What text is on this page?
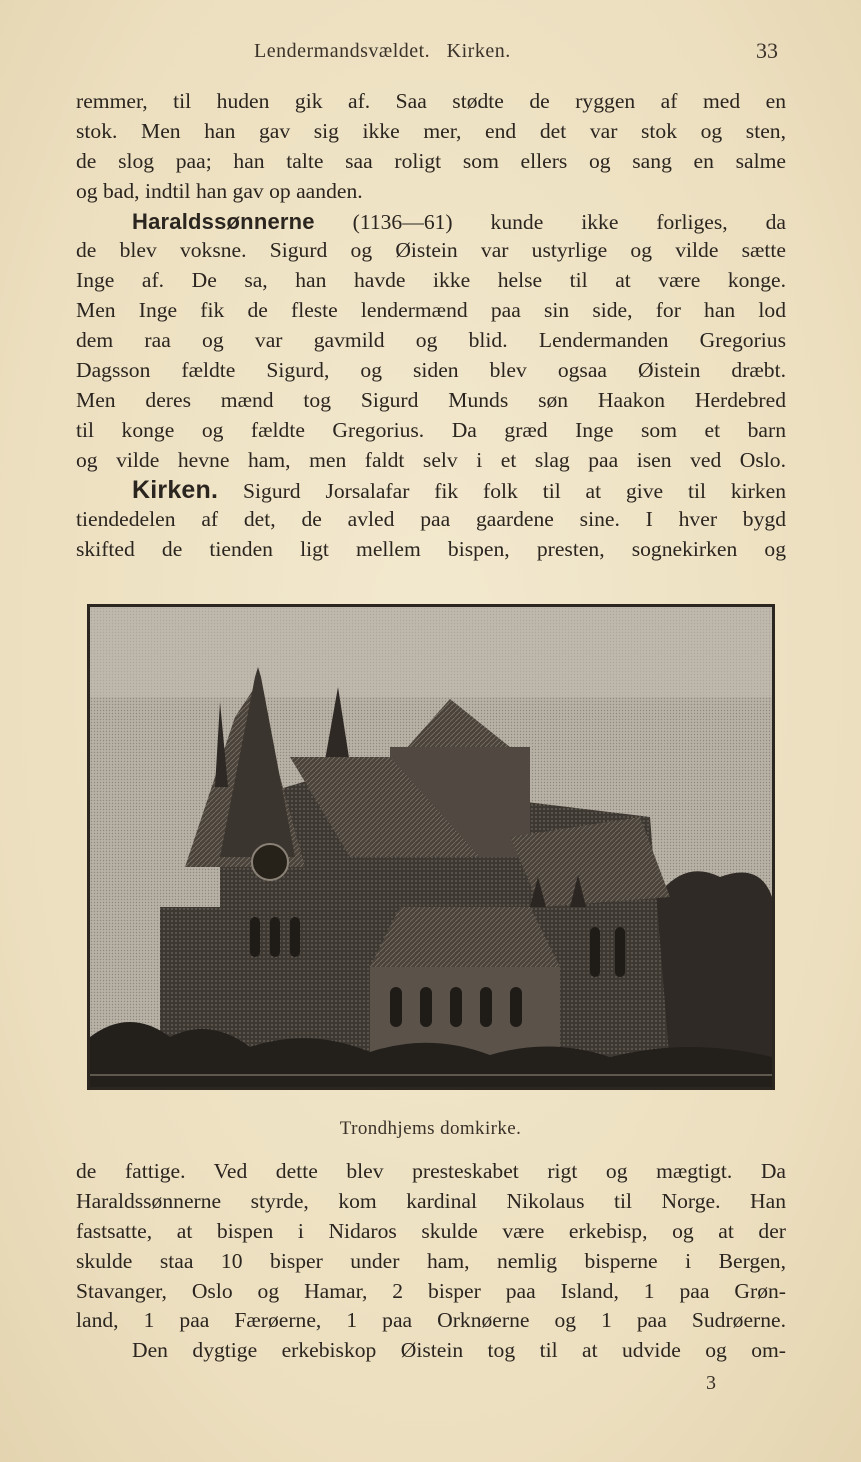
Lendermandsvældet.   Kirken.	33
remmer, til huden gik af. Saa stødte de ryggen af med en
stok. Men han gav sig ikke mer, end det var stok og sten,
de slog paa; han talte saa roligt som ellers og sang en salme
og bad, indtil han gav op aanden.
Haraldssønnerne (1136—61) kunde ikke forliges, da
de blev voksne. Sigurd og Øistein var ustyrlige og vilde sætte
Inge af. De sa, han havde ikke helse til at være konge.
Men Inge fik de fleste lendermænd paa sin side, for han lod
dem raa og var gavmild og blid. Lendermanden Gregorius
Dagsson fældte Sigurd, og siden blev ogsaa Øistein dræbt.
Men deres mænd tog Sigurd Munds søn Haakon Herdebred
til konge og fældte Gregorius. Da græd Inge som et barn
og vilde hevne ham, men faldt selv i et slag paa isen ved Oslo.
Kirken. Sigurd Jorsalafar fik folk til at give til kirken
tiendedelen af det, de avled paa gaardene sine. I hver bygd
skifted de tienden ligt mellem bispen, presten, sognekirken og
Trondhjems domkirke.
de fattige. Ved dette blev presteskabet rigt og mægtigt. Da
Haraldssønnerne styrde, kom kardinal Nikolaus til Norge. Han
fastsatte, at bispen i Nidaros skulde være erkebisp, og at der
skulde staa 10 bisper under ham, nemlig bisperne i Bergen,
Stavanger, Oslo og Hamar, 2 bisper paa Island, 1 paa Grøn-
land, 1 paa Færøerne, 1 paa Orknøerne og 1 paa Sudrøerne.
Den dygtige erkebiskop Øistein tog til at udvide og om-
3
